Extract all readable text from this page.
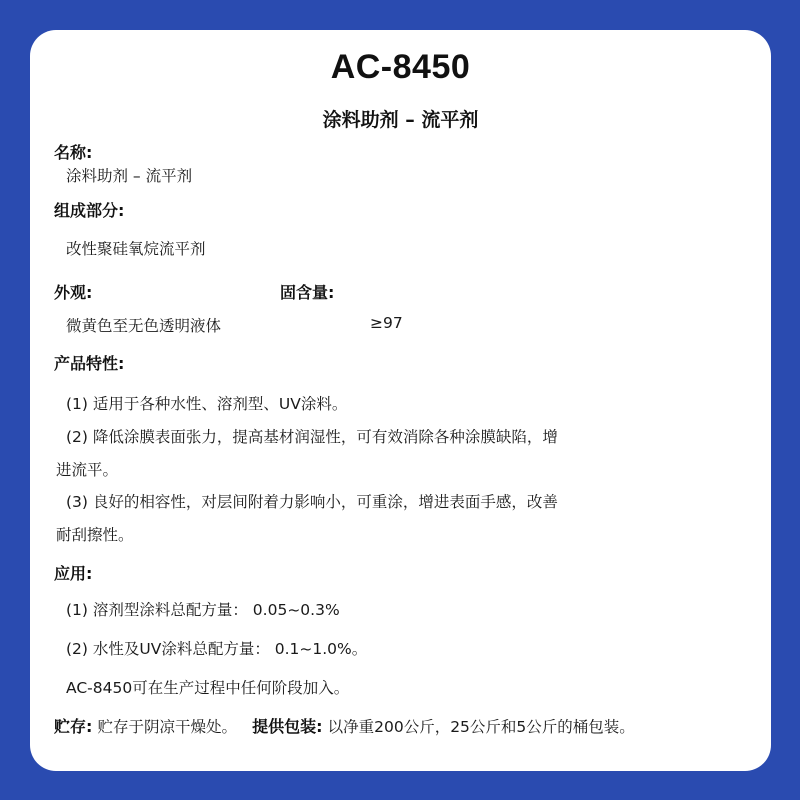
AC-8450
涂料助剂 – 流平剂
名称:
涂料助剂 – 流平剂
组成部分:
改性聚硅氧烷流平剂
外观:	固含量:
微黄色至无色透明液体	≥97
产品特性:
(1) 适用于各种水性、溶剂型、UV涂料。
(2) 降低涂膜表面张力，提高基材润湿性，可有效消除各种涂膜缺陷，增
进流平。
(3) 良好的相容性，对层间附着力影响小，可重涂，增进表面手感，改善
耐刮擦性。
应用:
(1) 溶剂型涂料总配方量： 0.05~0.3%
(2) 水性及UV涂料总配方量： 0.1~1.0%。
AC-8450可在生产过程中任何阶段加入。
贮存: 贮存于阴凉干燥处。 提供包装: 以净重200公斤，25公斤和5公斤的桶包装。
